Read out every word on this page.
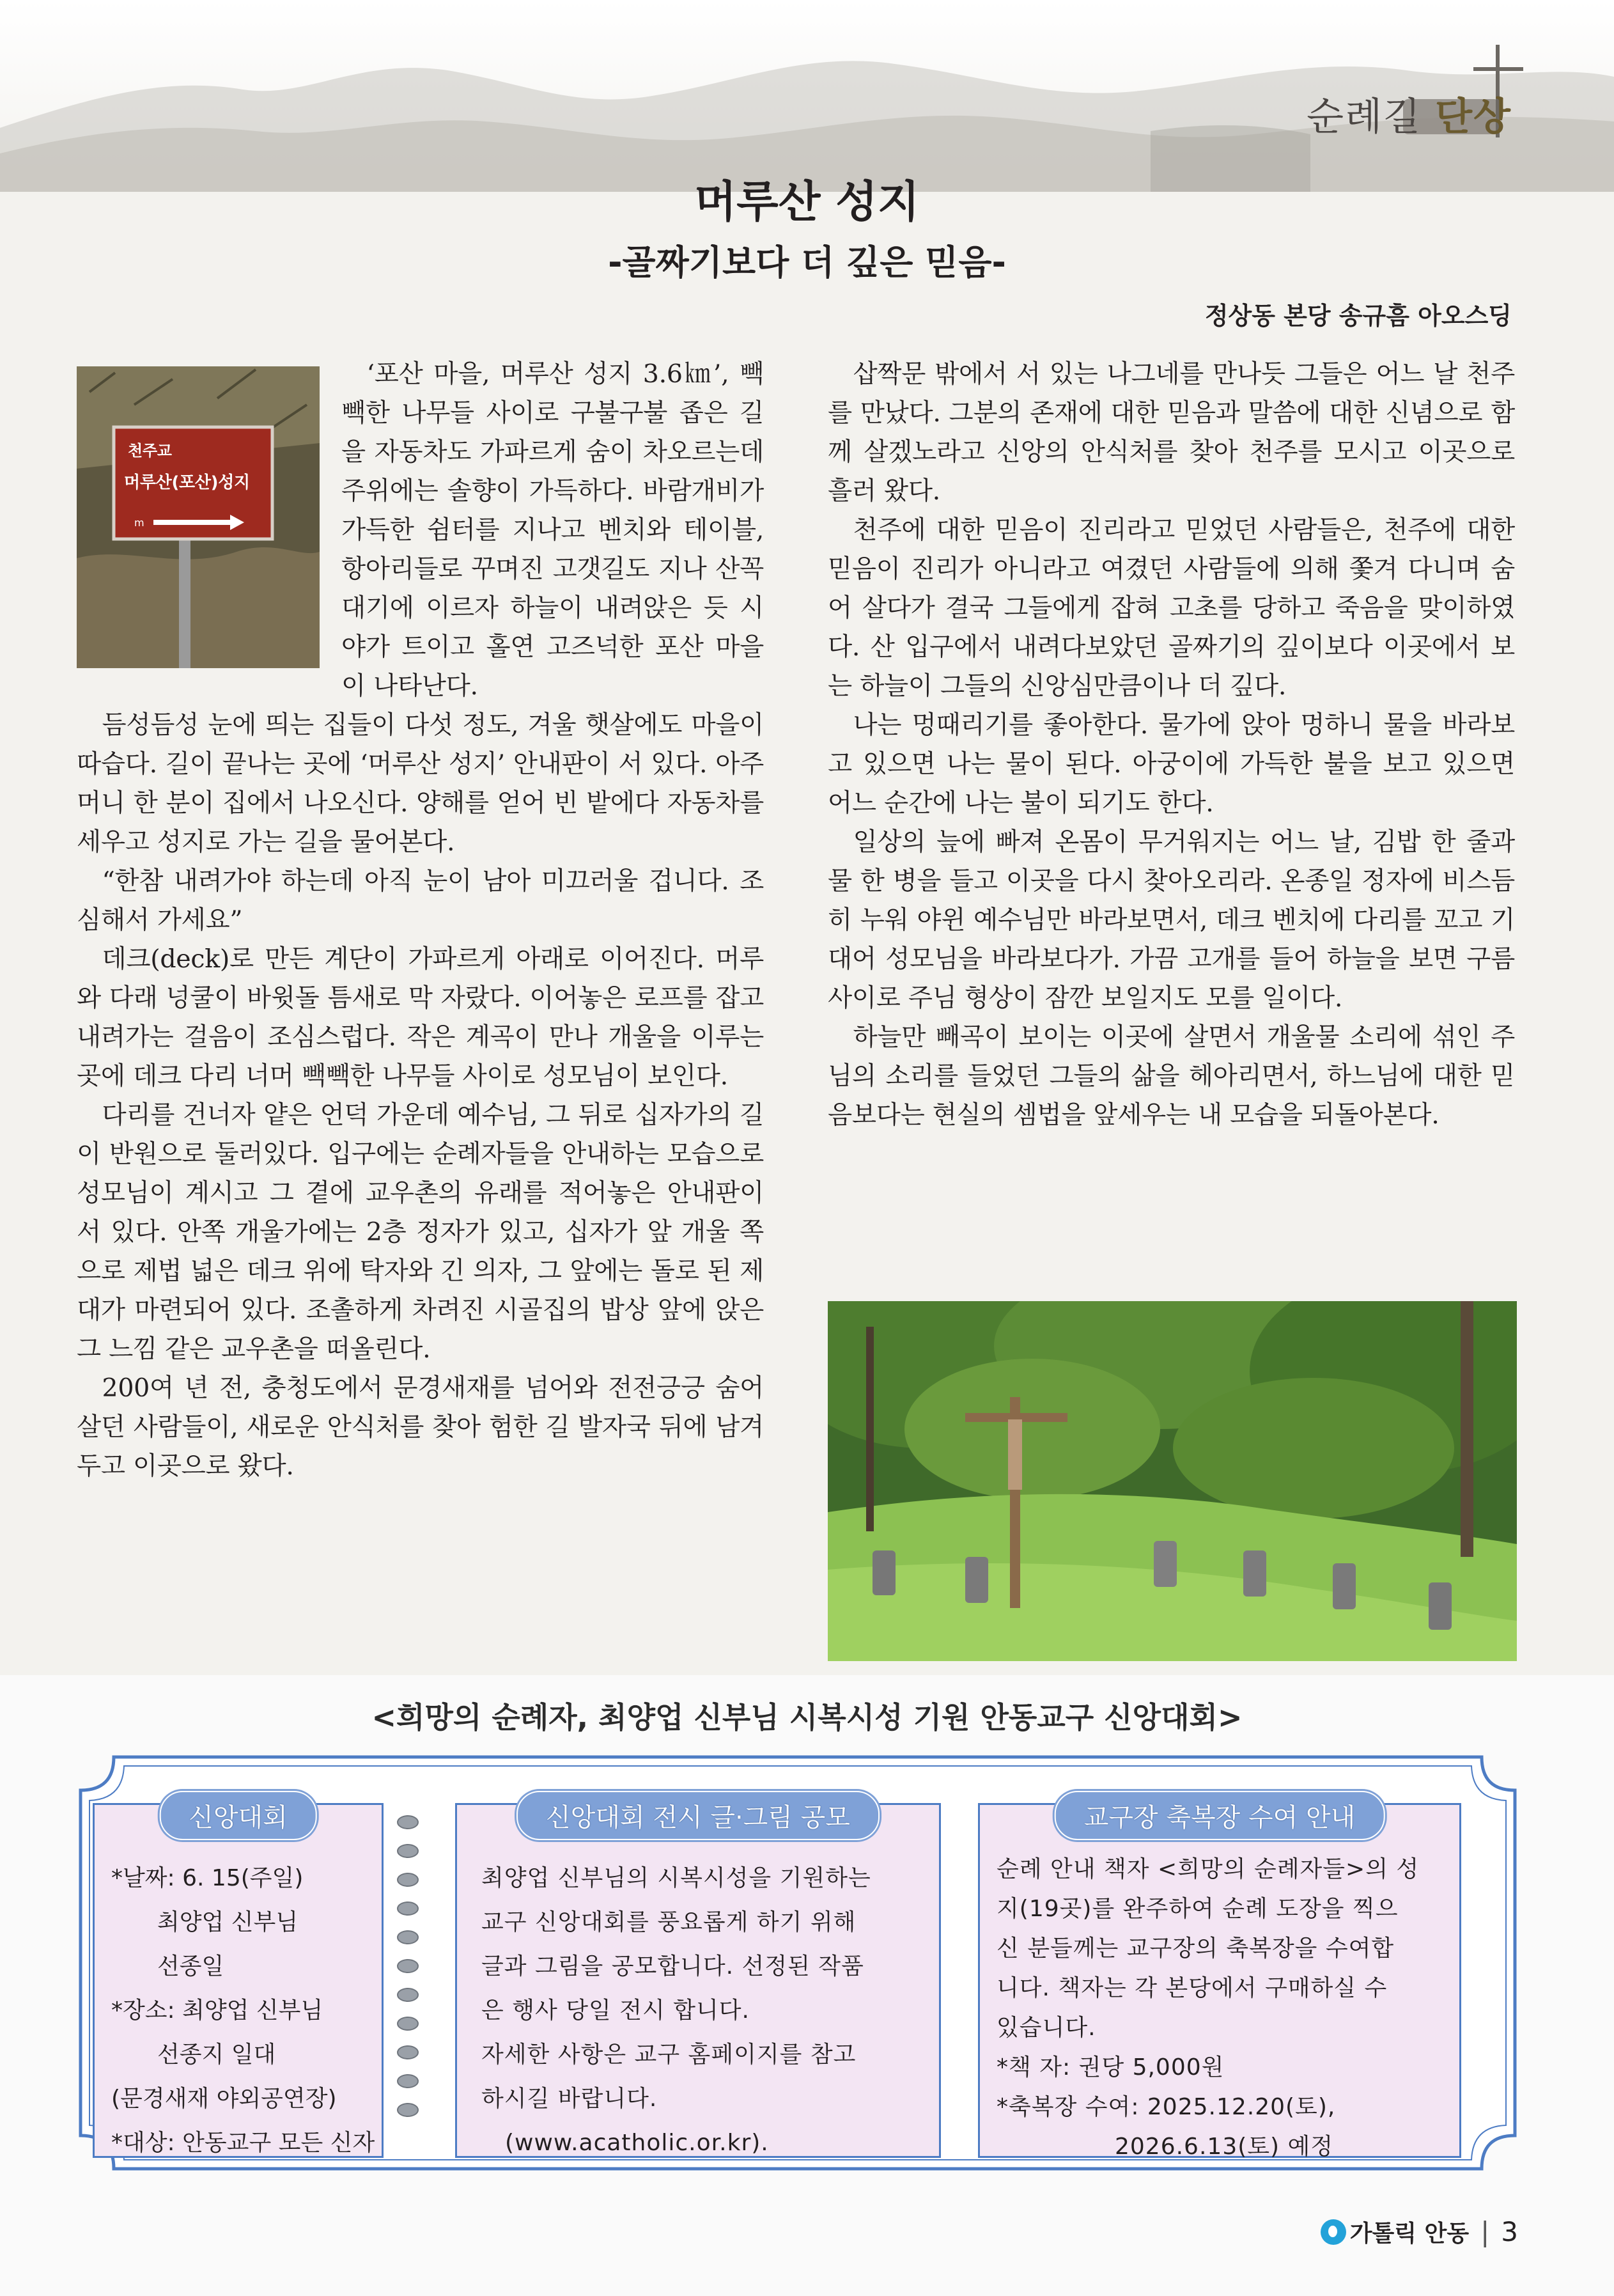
순례길 단상
머루산 성지
-골짜기보다 더 깊은 믿음-
정상동 본당 송규흠 아오스딩
천주교
머루산(포산)성지
m

‘포산 마을, 머루산 성지 3.6㎞’, 빽빽한 나무들 사이로 구불구불 좁은 길을 자동차도 가파르게 숨이 차오르는데 주위에는 솔향이 가득하다. 바람개비가 가득한 쉼터를 지나고 벤치와 테이블, 항아리들로 꾸며진 고갯길도 지나 산꼭대기에 이르자 하늘이 내려앉은 듯 시야가 트이고 홀연 고즈넉한 포산 마을이 나타난다.

듬성듬성 눈에 띄는 집들이 다섯 정도, 겨울 햇살에도 마을이 따습다. 길이 끝나는 곳에 ‘머루산 성지’ 안내판이 서 있다. 아주머니 한 분이 집에서 나오신다. 양해를 얻어 빈 밭에다 자동차를 세우고 성지로 가는 길을 물어본다.

“한참 내려가야 하는데 아직 눈이 남아 미끄러울 겁니다. 조심해서 가세요”

데크(deck)로 만든 계단이 가파르게 아래로 이어진다. 머루와 다래 넝쿨이 바윗돌 틈새로 막 자랐다. 이어놓은 로프를 잡고 내려가는 걸음이 조심스럽다. 작은 계곡이 만나 개울을 이루는 곳에 데크 다리 너머 빽빽한 나무들 사이로 성모님이 보인다.

다리를 건너자 얕은 언덕 가운데 예수님, 그 뒤로 십자가의 길이 반원으로 둘러있다. 입구에는 순례자들을 안내하는 모습으로 성모님이 계시고 그 곁에 교우촌의 유래를 적어놓은 안내판이 서 있다. 안쪽 개울가에는 2층 정자가 있고, 십자가 앞 개울 쪽으로 제법 넓은 데크 위에 탁자와 긴 의자, 그 앞에는 돌로 된 제대가 마련되어 있다. 조촐하게 차려진 시골집의 밥상 앞에 앉은 그 느낌 같은 교우촌을 떠올린다.

200여 년 전, 충청도에서 문경새재를 넘어와 전전긍긍 숨어 살던 사람들이, 새로운 안식처를 찾아 험한 길 발자국 뒤에 남겨두고 이곳으로 왔다.

삽짝문 밖에서 서 있는 나그네를 만나듯 그들은 어느 날 천주를 만났다. 그분의 존재에 대한 믿음과 말씀에 대한 신념으로 함께 살겠노라고 신앙의 안식처를 찾아 천주를 모시고 이곳으로 흘러 왔다.

천주에 대한 믿음이 진리라고 믿었던 사람들은, 천주에 대한 믿음이 진리가 아니라고 여겼던 사람들에 의해 쫓겨 다니며 숨어 살다가 결국 그들에게 잡혀 고초를 당하고 죽음을 맞이하였다. 산 입구에서 내려다보았던 골짜기의 깊이보다 이곳에서 보는 하늘이 그들의 신앙심만큼이나 더 깊다.

나는 멍때리기를 좋아한다. 물가에 앉아 멍하니 물을 바라보고 있으면 나는 물이 된다. 아궁이에 가득한 불을 보고 있으면 어느 순간에 나는 불이 되기도 한다.

일상의 늪에 빠져 온몸이 무거워지는 어느 날, 김밥 한 줄과 물 한 병을 들고 이곳을 다시 찾아오리라. 온종일 정자에 비스듬히 누워 야윈 예수님만 바라보면서, 데크 벤치에 다리를 꼬고 기대어 성모님을 바라보다가. 가끔 고개를 들어 하늘을 보면 구름 사이로 주님 형상이 잠깐 보일지도 모를 일이다.

하늘만 빼곡이 보이는 이곳에 살면서 개울물 소리에 섞인 주님의 소리를 들었던 그들의 삶을 헤아리면서, 하느님에 대한 믿음보다는 현실의 셈법을 앞세우는 내 모습을 되돌아본다.

<희망의 순례자, 최양업 신부님 시복시성 기원 안동교구 신앙대회>
신앙대회
*날짜: 6. 15(주일)
　　최양업 신부님
　　선종일
*장소: 최양업 신부님
　　선종지 일대
(문경새재 야외공연장)
*대상: 안동교구 모든 신자
신앙대회 전시 글·그림 공모
최양업 신부님의 시복시성을 기원하는
교구 신앙대회를 풍요롭게 하기 위해
글과 그림을 공모합니다. 선정된 작품
은 행사 당일 전시 합니다.
자세한 사항은 교구 홈페이지를 참고
하시길 바랍니다.
　(www.acatholic.or.kr).
교구장 축복장 수여 안내
순례 안내 책자 <희망의 순례자들>의 성
지(19곳)를 완주하여 순례 도장을 찍으
신 분들께는 교구장의 축복장을 수여합
니다. 책자는 각 본당에서 구매하실 수
있습니다.
*책 자: 권당 5,000원
*축복장 수여: 2025.12.20(토),
　　　　　2026.6.13(토) 예정
가톨릭 안동 | 3
